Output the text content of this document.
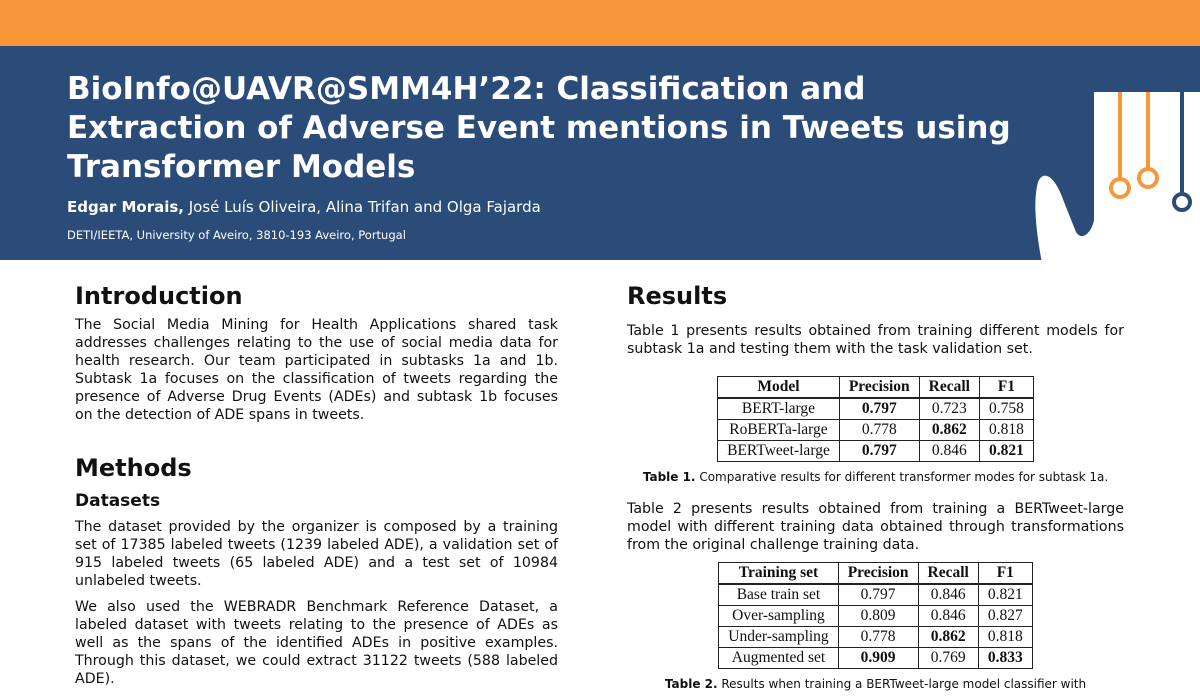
BioInfo@UAVR@SMM4H’22: Classification and Extraction of Adverse Event mentions in Tweets using Transformer Models
Edgar Morais, José Luís Oliveira, Alina Trifan and Olga Fajarda
DETI/IEETA, University of Aveiro, 3810-193 Aveiro, Portugal
Introduction

The Social Media Mining for Health Applications shared task addresses challenges relating to the use of social media data for health research. Our team participated in subtasks 1a and 1b. Subtask 1a focuses on the classification of tweets regarding the presence of Adverse Drug Events (ADEs) and subtask 1b focuses on the detection of ADE spans in tweets.

Methods
Datasets

The dataset provided by the organizer is composed by a training set of 17385 labeled tweets (1239 labeled ADE), a validation set of 915 labeled tweets (65 labeled ADE) and a test set of 10984 unlabeled tweets.

We also used the WEBRADR Benchmark Reference Dataset, a labeled dataset with tweets relating to the presence of ADEs as well as the spans of the identified ADEs in positive examples. Through this dataset, we could extract 31122 tweets (588 labeled ADE).

Results

Table 1 presents results obtained from training different models for subtask 1a and testing them with the task validation set.

Model	Precision	Recall	F1
BERT-large	0.797	0.723	0.758
RoBERTa-large	0.778	0.862	0.818
BERTweet-large	0.797	0.846	0.821

Table 1. Comparative results for different transformer modes for subtask 1a.

Table 2 presents results obtained from training a BERTweet-large model with different training data obtained through transformations from the original challenge training data.

Training set	Precision	Recall	F1
Base train set	0.797	0.846	0.821
Over-sampling	0.809	0.846	0.827
Under-sampling	0.778	0.862	0.818
Augmented set	0.909	0.769	0.833

Table 2. Results when training a BERTweet-large model classifier with
